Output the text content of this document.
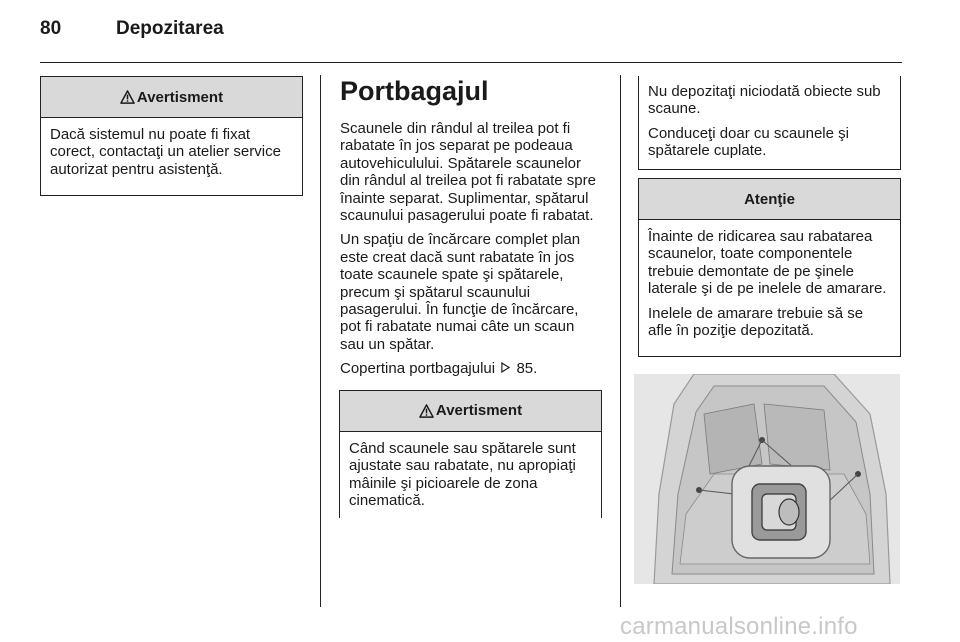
80	Depozitarea
Avertisment

Dacă sistemul nu poate fi fixat corect, contactaţi un atelier service autorizat pentru asistenţă.

Portbagajul

Scaunele din rândul al treilea pot fi rabatate în jos separat pe podeaua autovehiculului. Spătarele scaunelor din rândul al treilea pot fi rabatate spre înainte separat. Suplimentar, spătarul scaunului pasagerului poate fi rabatat.

Un spaţiu de încărcare complet plan este creat dacă sunt rabatate în jos toate scaunele spate şi spătarele, precum şi spătarul scaunului pasagerului. În funcţie de încărcare, pot fi rabatate numai câte un scaun sau un spătar.

Copertina portbagajului 85.

Avertisment

Când scaunele sau spătarele sunt ajustate sau rabatate, nu apropiaţi mâinile şi picioarele de zona cinematică.

Nu depozitaţi niciodată obiecte sub scaune.

Conduceţi doar cu scaunele şi spătarele cuplate.

Atenţie

Înainte de ridicarea sau rabatarea scaunelor, toate componentele trebuie demontate de pe şinele laterale şi de pe inelele de amarare.

Inelele de amarare trebuie să se afle în poziţie depozitată.

carmanualsonline.info
